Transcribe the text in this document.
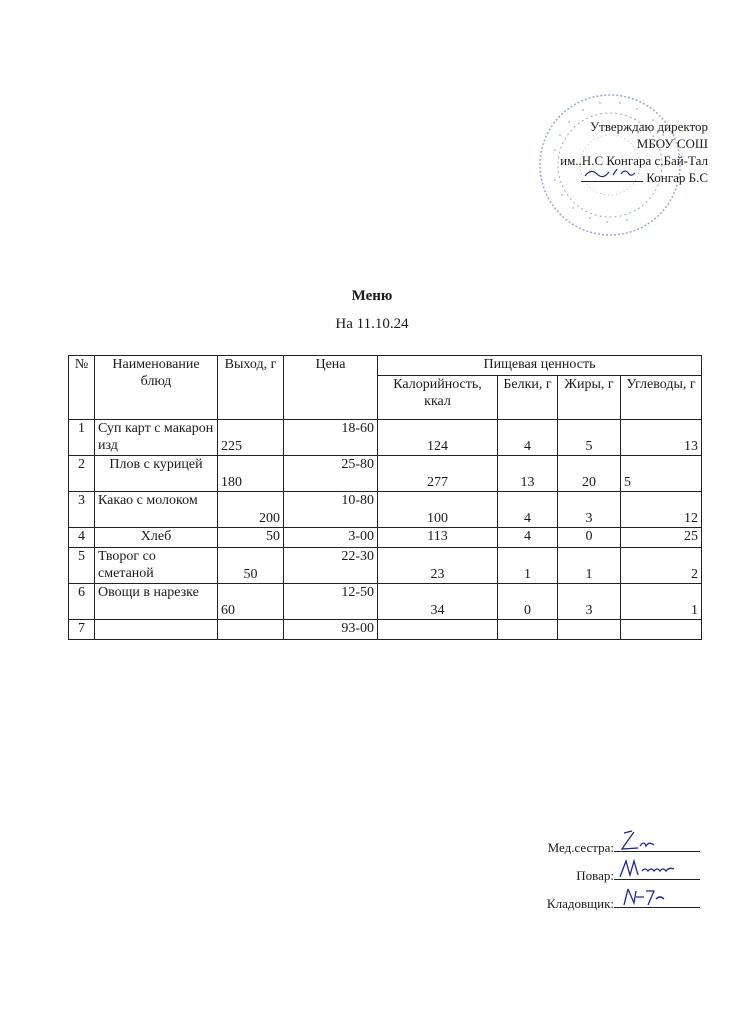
Утверждаю директор
МБОУ СОШ
им..Н.С Конгара с.Бай-Тал
Конгар Б.С
Меню
На 11.10.24
№	Наименование блюд	Выход, г	Цена	Пищевая ценность			
				Калорийность, ккал	Белки, г	Жиры, г	Углеводы, г
1	Суп карт с макарон изд	225	18-60	124	4	5	13
2	Плов с курицей	180	25-80	277	13	20	5
3	Какао с молоком	200	10-80	100	4	3	12
4	Хлеб	50	3-00	113	4	0	25
5	Творог со сметаной	50	22-30	23	1	1	2
6	Овощи в нарезке	60	12-50	34	0	3	1
7			93-00				
Мед.сестра:
Повар:
Кладовщик:
